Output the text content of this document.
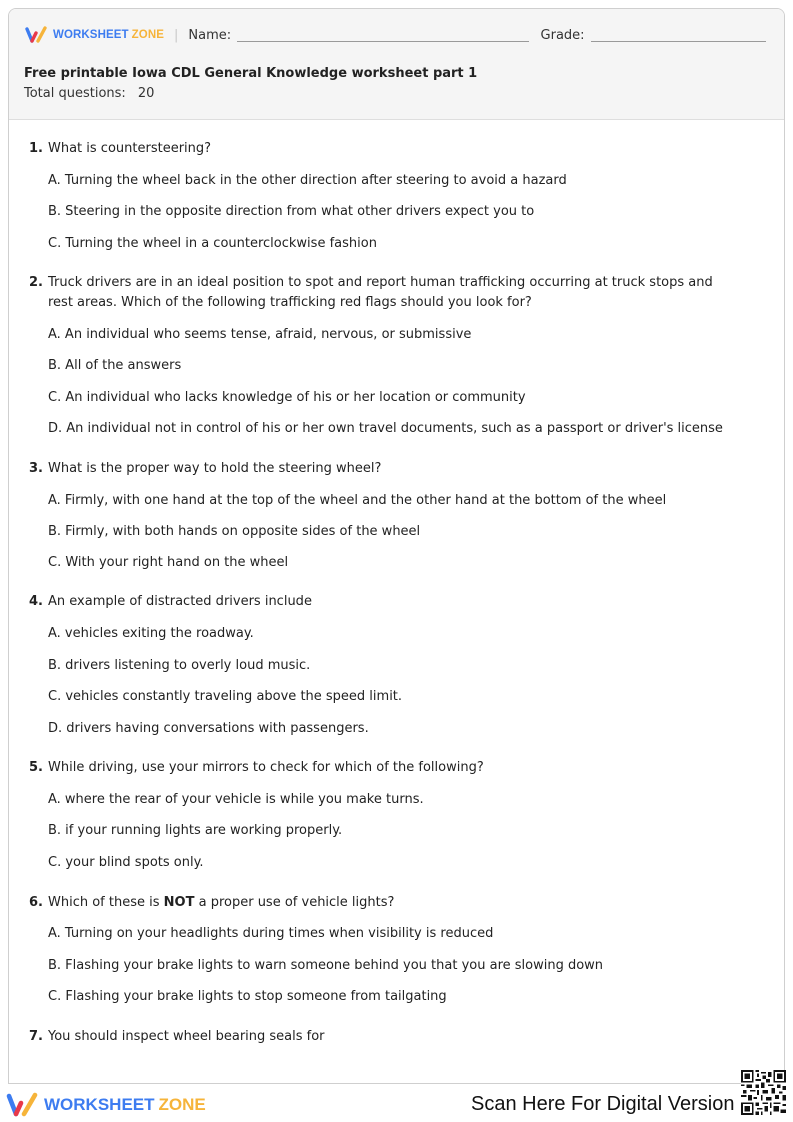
WORKSHEET ZONE | Name:	Grade:
Free printable Iowa CDL General Knowledge worksheet part 1
Total questions: 20
1. What is countersteering?
A. Turning the wheel back in the other direction after steering to avoid a hazard
B. Steering in the opposite direction from what other drivers expect you to
C. Turning the wheel in a counterclockwise fashion
2. Truck drivers are in an ideal position to spot and report human trafficking occurring at truck stops and rest areas. Which of the following trafficking red flags should you look for?
A. An individual who seems tense, afraid, nervous, or submissive
B. All of the answers
C. An individual who lacks knowledge of his or her location or community
D. An individual not in control of his or her own travel documents, such as a passport or driver's license
3. What is the proper way to hold the steering wheel?
A. Firmly, with one hand at the top of the wheel and the other hand at the bottom of the wheel
B. Firmly, with both hands on opposite sides of the wheel
C. With your right hand on the wheel
4. An example of distracted drivers include
A. vehicles exiting the roadway.
B. drivers listening to overly loud music.
C. vehicles constantly traveling above the speed limit.
D. drivers having conversations with passengers.
5. While driving, use your mirrors to check for which of the following?
A. where the rear of your vehicle is while you make turns.
B. if your running lights are working properly.
C. your blind spots only.
6. Which of these is NOT a proper use of vehicle lights?
A. Turning on your headlights during times when visibility is reduced
B. Flashing your brake lights to warn someone behind you that you are slowing down
C. Flashing your brake lights to stop someone from tailgating
7. You should inspect wheel bearing seals for
WORKSHEET ZONE	Scan Here For Digital Version
